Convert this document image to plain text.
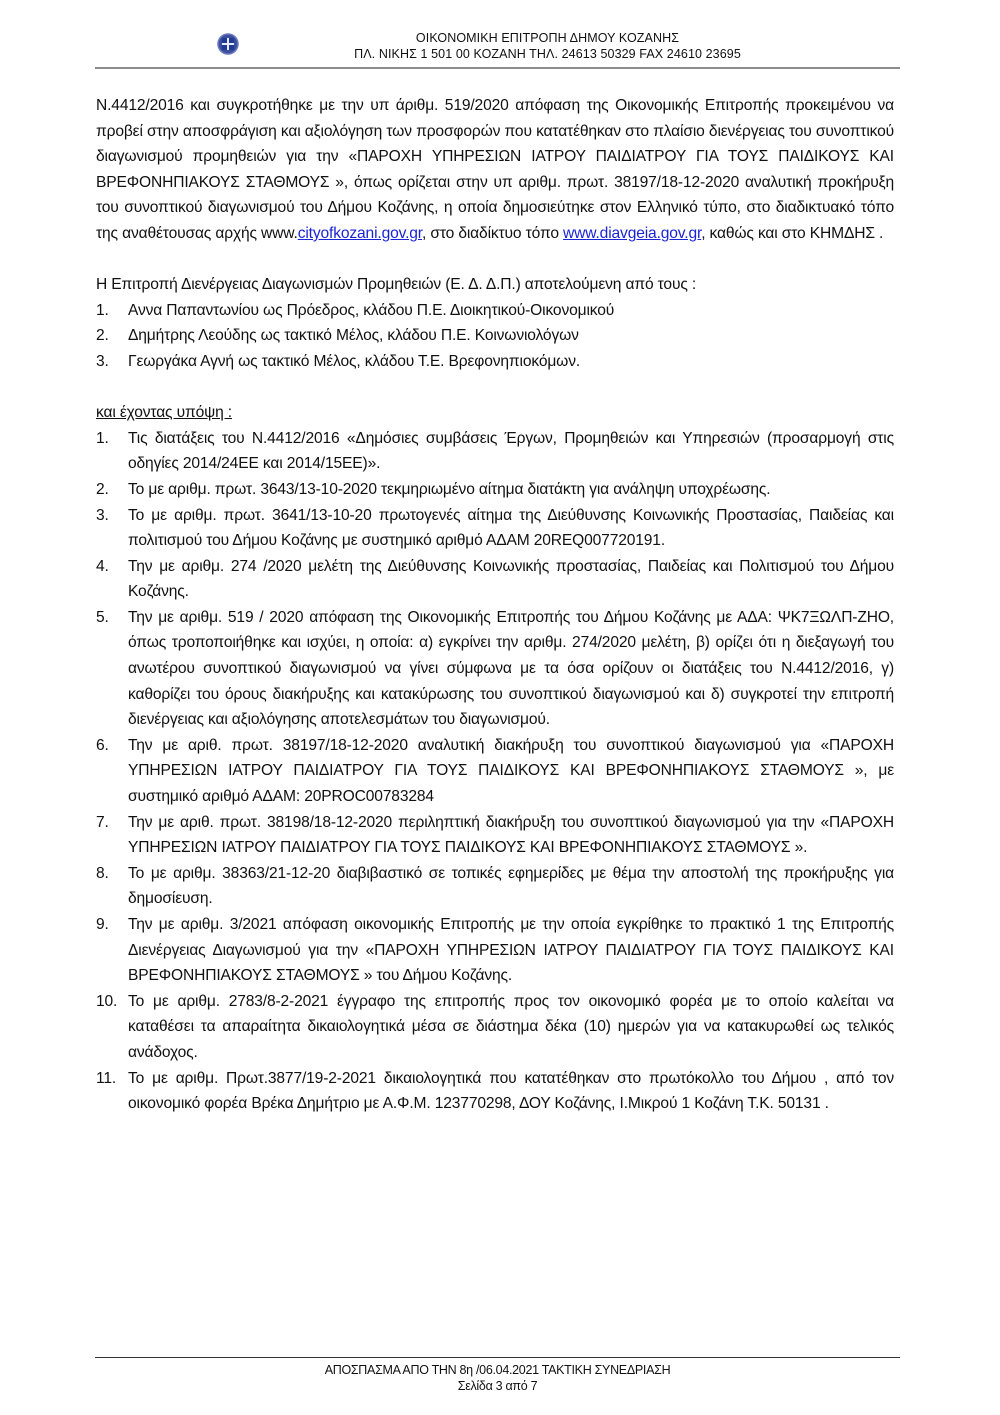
ΟΙΚΟΝΟΜΙΚΗ ΕΠΙΤΡΟΠΗ ΔΗΜΟΥ ΚΟΖΑΝΗΣ
ΠΛ. ΝΙΚΗΣ 1 501 00 ΚΟΖΑΝΗ ΤΗΛ. 24613 50329 FAX 24610 23695

Ν.4412/2016 και συγκροτήθηκε με την υπ άριθμ. 519/2020 απόφαση της Οικονομικής Επιτροπής προκειμένου να προβεί στην αποσφράγιση και αξιολόγηση των προσφορών που κατατέθηκαν στο πλαίσιο διενέργειας του συνοπτικού διαγωνισμού προμηθειών για την «ΠΑΡΟΧΗ ΥΠΗΡΕΣΙΩΝ ΙΑΤΡΟΥ ΠΑΙΔΙΑΤΡΟΥ ΓΙΑ ΤΟΥΣ ΠΑΙΔΙΚΟΥΣ ΚΑΙ ΒΡΕΦΟΝΗΠΙΑΚΟΥΣ ΣΤΑΘΜΟΥΣ », όπως ορίζεται στην υπ αριθμ. πρωτ. 38197/18-12-2020 αναλυτική προκήρυξη του συνοπτικού διαγωνισμού του Δήμου Κοζάνης, η οποία δημοσιεύτηκε στον Ελληνικό τύπο, στο διαδικτυακό τόπο της αναθέτουσας αρχής www.cityofkozani.gov.gr, στο διαδίκτυο τόπο www.diavgeia.gov.gr, καθώς και στο ΚΗΜΔΗΣ .

Η Επιτροπή Διενέργειας Διαγωνισμών Προμηθειών (Ε. Δ. Δ.Π.) αποτελούμενη από τους :

1. Αννα Παπαντωνίου ως Πρόεδρος, κλάδου Π.Ε. Διοικητικού-Οικονομικού
2. Δημήτρης Λεούδης ως τακτικό Μέλος, κλάδου Π.Ε. Κοινωνιολόγων
3. Γεωργάκα Αγνή ως τακτικό Μέλος, κλάδου Τ.Ε. Βρεφονηπιοκόμων.

και έχοντας υπόψη :

1. Τις διατάξεις του Ν.4412/2016 «Δημόσιες συμβάσεις Έργων, Προμηθειών και Υπηρεσιών (προσαρμογή στις οδηγίες 2014/24ΕΕ και 2014/15ΕΕ)».
2. Το με αριθμ. πρωτ. 3643/13-10-2020 τεκμηριωμένο αίτημα διατάκτη για ανάληψη υποχρέωσης.
3. Το με αριθμ. πρωτ. 3641/13-10-20 πρωτογενές αίτημα της Διεύθυνσης Κοινωνικής Προστασίας, Παιδείας και πολιτισμού του Δήμου Κοζάνης με συστημικό αριθμό ΑΔΑΜ 20REQ007720191.
4. Την με αριθμ. 274 /2020 μελέτη της Διεύθυνσης Κοινωνικής προστασίας, Παιδείας και Πολιτισμού του Δήμου Κοζάνης.
5. Την με αριθμ. 519 / 2020 απόφαση της Οικονομικής Επιτροπής του Δήμου Κοζάνης με ΑΔΑ: ΨΚ7ΞΩΛΠ-ΖΗΟ, όπως τροποποιήθηκε και ισχύει, η οποία: α) εγκρίνει την αριθμ. 274/2020 μελέτη, β) ορίζει ότι η διεξαγωγή του ανωτέρου συνοπτικού διαγωνισμού να γίνει σύμφωνα με τα όσα ορίζουν οι διατάξεις του Ν.4412/2016, γ) καθορίζει του όρους διακήρυξης και κατακύρωσης του συνοπτικού διαγωνισμού και δ) συγκροτεί την επιτροπή διενέργειας και αξιολόγησης αποτελεσμάτων του διαγωνισμού.
6. Την με αριθ. πρωτ. 38197/18-12-2020 αναλυτική διακήρυξη του συνοπτικού διαγωνισμού για «ΠΑΡΟΧΗ ΥΠΗΡΕΣΙΩΝ ΙΑΤΡΟΥ ΠΑΙΔΙΑΤΡΟΥ ΓΙΑ ΤΟΥΣ ΠΑΙΔΙΚΟΥΣ ΚΑΙ ΒΡΕΦΟΝΗΠΙΑΚΟΥΣ ΣΤΑΘΜΟΥΣ », με συστημικό αριθμό ΑΔΑΜ: 20PROC00783284
7. Την με αριθ. πρωτ. 38198/18-12-2020 περιληπτική διακήρυξη του συνοπτικού διαγωνισμού για την «ΠΑΡΟΧΗ ΥΠΗΡΕΣΙΩΝ ΙΑΤΡΟΥ ΠΑΙΔΙΑΤΡΟΥ ΓΙΑ ΤΟΥΣ ΠΑΙΔΙΚΟΥΣ ΚΑΙ ΒΡΕΦΟΝΗΠΙΑΚΟΥΣ ΣΤΑΘΜΟΥΣ ».
8. Το με αριθμ. 38363/21-12-20 διαβιβαστικό σε τοπικές εφημερίδες με θέμα την αποστολή της προκήρυξης για δημοσίευση.
9. Την με αριθμ. 3/2021 απόφαση οικονομικής Επιτροπής με την οποία εγκρίθηκε το πρακτικό 1 της Επιτροπής Διενέργειας Διαγωνισμού για την «ΠΑΡΟΧΗ ΥΠΗΡΕΣΙΩΝ ΙΑΤΡΟΥ ΠΑΙΔΙΑΤΡΟΥ ΓΙΑ ΤΟΥΣ ΠΑΙΔΙΚΟΥΣ ΚΑΙ ΒΡΕΦΟΝΗΠΙΑΚΟΥΣ ΣΤΑΘΜΟΥΣ » του Δήμου Κοζάνης.
10. Το με αριθμ. 2783/8-2-2021 έγγραφο της επιτροπής προς τον οικονομικό φορέα με το οποίο καλείται να καταθέσει τα απαραίτητα δικαιολογητικά μέσα σε διάστημα δέκα (10) ημερών για να κατακυρωθεί ως τελικός ανάδοχος.
11. Το με αριθμ. Πρωτ.3877/19-2-2021 δικαιολογητικά που κατατέθηκαν στο πρωτόκολλο του Δήμου , από τον οικονομικό φορέα Βρέκα Δημήτριο με Α.Φ.Μ. 123770298, ΔΟΥ Κοζάνης, Ι.Μικρού 1 Κοζάνη Τ.Κ. 50131 .
ΑΠΟΣΠΑΣΜΑ ΑΠΟ ΤΗΝ 8η /06.04.2021 ΤΑΚΤΙΚΗ ΣΥΝΕΔΡΙΑΣΗ
Σελίδα 3 από 7
